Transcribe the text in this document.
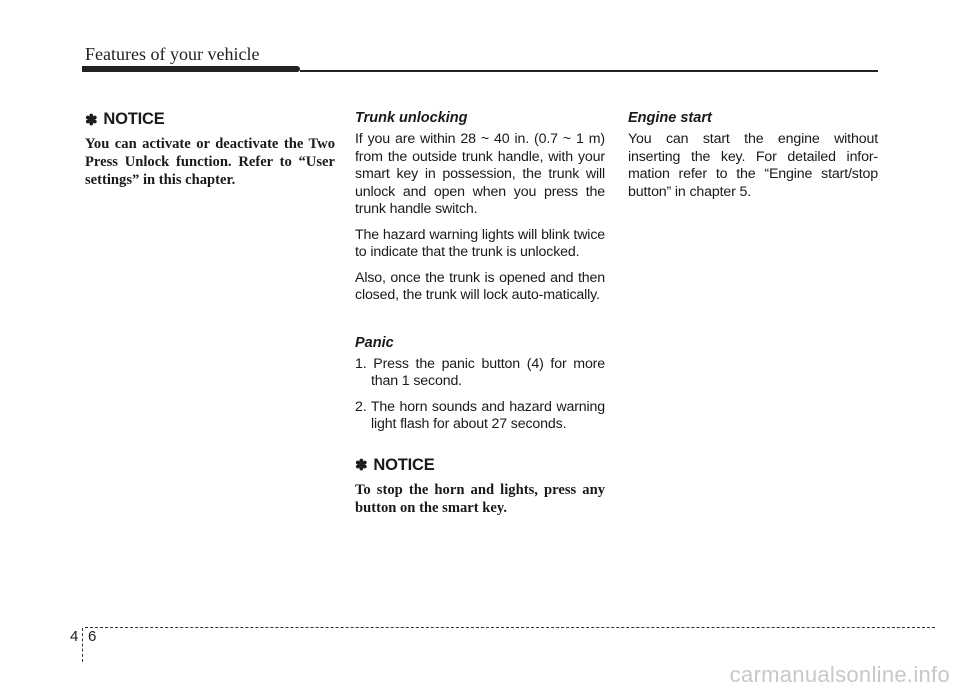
Features of your vehicle
✽ NOTICE

You can activate or deactivate the Two Press Unlock function. Refer to “User settings” in this chapter.

Trunk unlocking

If you are within 28 ~ 40 in. (0.7 ~ 1 m) from the outside trunk handle, with your smart key in possession, the trunk will unlock and open when you press the trunk handle switch.

The hazard warning lights will blink twice to indicate that the trunk is unlocked.

Also, once the trunk is opened and then closed, the trunk will lock auto-matically.

Panic
1. Press the panic button (4) for more than 1 second.
2. The horn sounds and hazard warning light flash for about 27 seconds.
✽ NOTICE

To stop the horn and lights, press any button on the smart key.

Engine start

You can start the engine without inserting the key. For detailed infor-mation refer to the “Engine start/stop button” in chapter 5.

4 6
carmanualsonline.info
